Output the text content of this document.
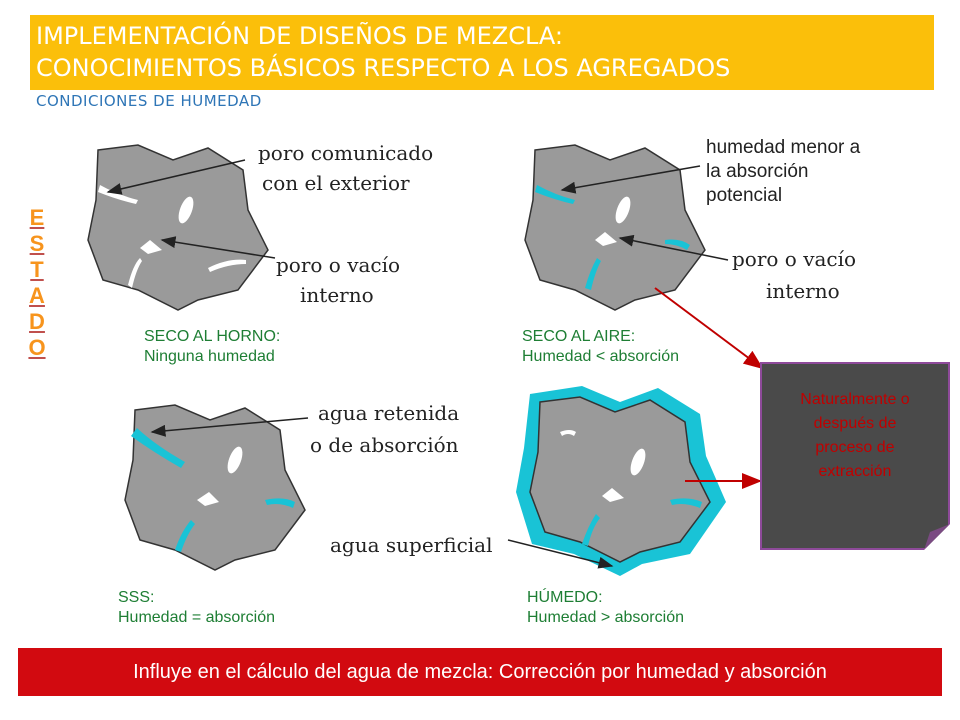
IMPLEMENTACIÓN DE DISEÑOS DE MEZCLA:
CONOCIMIENTOS BÁSICOS RESPECTO A LOS AGREGADOS
CONDICIONES DE HUMEDAD
E
S
T
A
D
O
poro comunicado
con el exterior
poro o vacío
interno
humedad menor a
la absorción
potencial
poro o vacío
interno
agua retenida
o de absorción
agua superficial
SECO AL HORNO:
Ninguna humedad
SECO AL AIRE:
Humedad < absorción
SSS:
Humedad = absorción
HÚMEDO:
Humedad > absorción
Naturalmente o
después de
proceso de
extracción
Influye en el cálculo del agua de mezcla: Corrección por humedad y absorción
